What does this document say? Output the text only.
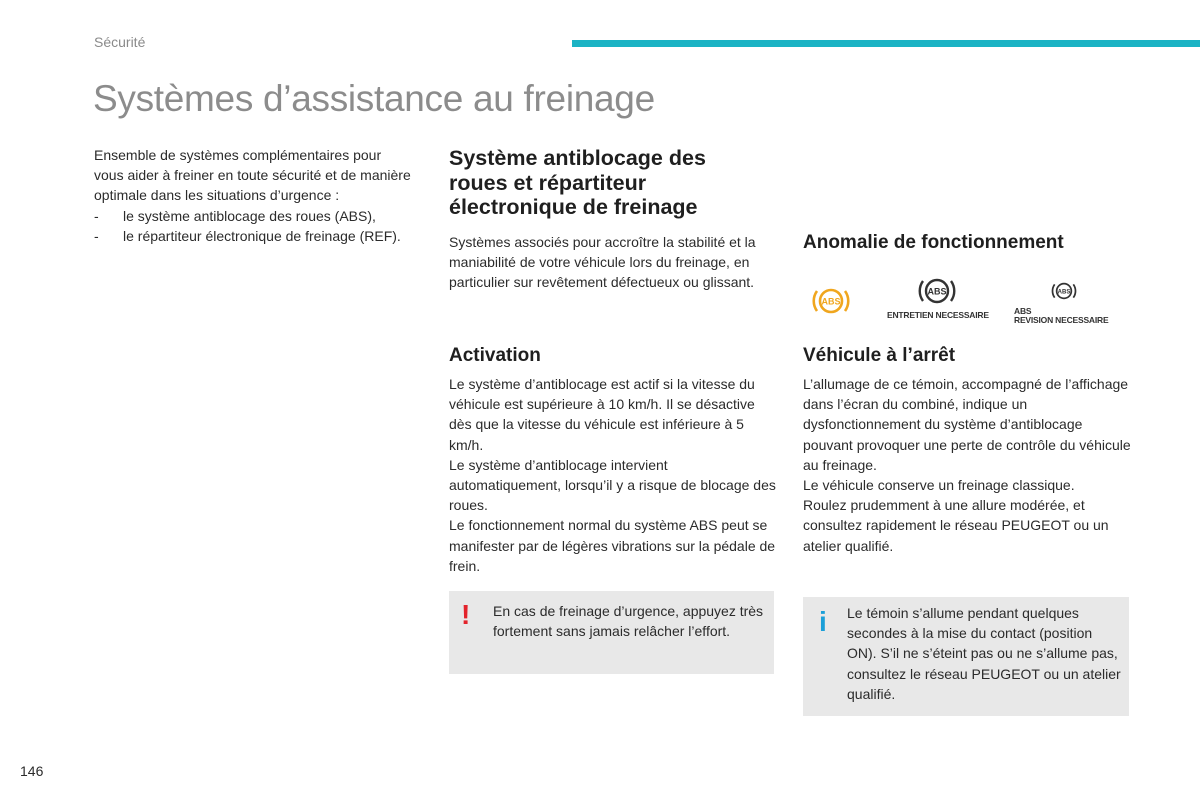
Sécurité
Systèmes d’assistance au freinage
Ensemble de systèmes complémentaires pour vous aider à freiner en toute sécurité et de manière optimale dans les situations d’urgence :
- le système antiblocage des roues (ABS),
- le répartiteur électronique de freinage (REF).
Système antiblocage des roues et répartiteur électronique de freinage
Systèmes associés pour accroître la stabilité et la maniabilité de votre véhicule lors du freinage, en particulier sur revêtement défectueux ou glissant.
Activation
Le système d’antiblocage est actif si la vitesse du véhicule est supérieure à 10 km/h. Il se désactive dès que la vitesse du véhicule est inférieure à 5 km/h.
Le système d’antiblocage intervient automatiquement, lorsqu’il y a risque de blocage des roues.
Le fonctionnement normal du système ABS peut se manifester par de légères vibrations sur la pédale de frein.
! En cas de freinage d’urgence, appuyez très fortement sans jamais relâcher l’effort.
Anomalie de fonctionnement
ABS
ABS
ENTRETIEN NECESSAIRE
ABS
ABS
REVISION NECESSAIRE
Véhicule à l’arrêt
L’allumage de ce témoin, accompagné de l’affichage dans l’écran du combiné, indique un dysfonctionnement du système d’antiblocage pouvant provoquer une perte de contrôle du véhicule au freinage.
Le véhicule conserve un freinage classique.
Roulez prudemment à une allure modérée, et consultez rapidement le réseau PEUGEOT ou un atelier qualifié.
i Le témoin s’allume pendant quelques secondes à la mise du contact (position ON). S’il ne s’éteint pas ou ne s’allume pas, consultez le réseau PEUGEOT ou un atelier qualifié.
146
